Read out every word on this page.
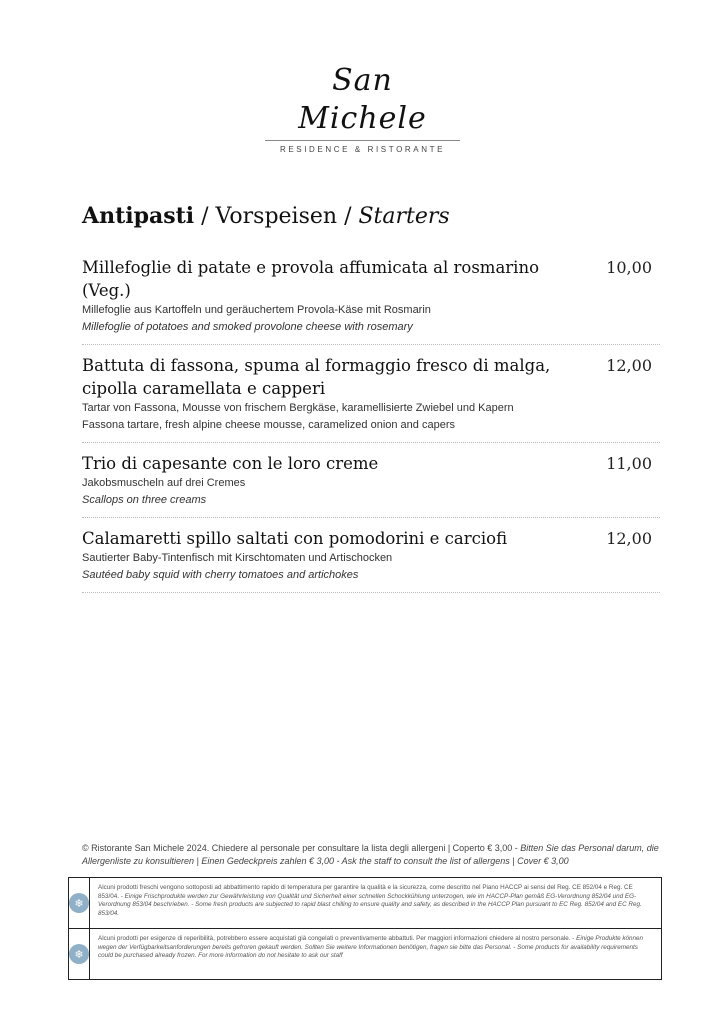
San Michele
RESIDENCE & RISTORANTE
Antipasti / Vorspeisen / Starters
Millefoglie di patate e provola affumicata al rosmarino (Veg.)
10,00
Millefoglie aus Kartoffeln und geräuchertem Provola-Käse mit Rosmarin
Millefoglie of potatoes and smoked provolone cheese with rosemary
Battuta di fassona, spuma al formaggio fresco di malga, cipolla caramellata e capperi
12,00
Tartar von Fassona, Mousse von frischem Bergkäse, karamellisierte Zwiebel und Kapern
Fassona tartare, fresh alpine cheese mousse, caramelized onion and capers
Trio di capesante con le loro creme	11,00
Jakobsmuscheln auf drei Cremes
Scallops on three creams
Calamaretti spillo saltati con pomodorini e carciofi	12,00
Sautierter Baby-Tintenfisch mit Kirschtomaten und Artischocken
Sautéed baby squid with cherry tomatoes and artichokes
© Ristorante San Michele 2024. Chiedere al personale per consultare la lista degli allergeni | Coperto € 3,00 - Bitten Sie das Personal darum, die Allergenliste zu konsultieren | Einen Gedeckpreis zahlen € 3,00 - Ask the staff to consult the list of allergens | Cover € 3,00
❄
Alcuni prodotti freschi vengono sottoposti ad abbattimento rapido di temperatura per garantire la qualità e la sicurezza, come descritto nel Piano HACCP ai sensi del Reg. CE 852/04 e Reg. CE 853/04. - Einige Frischprodukte werden zur Gewährleistung von Qualität und Sicherheit einer schnellen Schockkühlung unterzogen, wie im HACCP-Plan gemäß EG-Verordnung 852/04 und EG-Verordnung 853/04 beschrieben. - Some fresh products are subjected to rapid blast chilling to ensure quality and safety, as described in the HACCP Plan pursuant to EC Reg. 852/04 and EC Reg. 853/04.
❄
Alcuni prodotti per esigenze di reperibilità, potrebbero essere acquistati già congelati o preventivamente abbattuti. Per maggiori informazioni chiedere al nostro personale. - Einige Produkte können wegen der Verfügbarkeitsanforderungen bereits gefroren gekauft werden. Sollten Sie weitere Informationen benötigen, fragen sie bitte das Personal. - Some products for availability requirements could be purchased already frozen. For more information do not hesitate to ask our staff
